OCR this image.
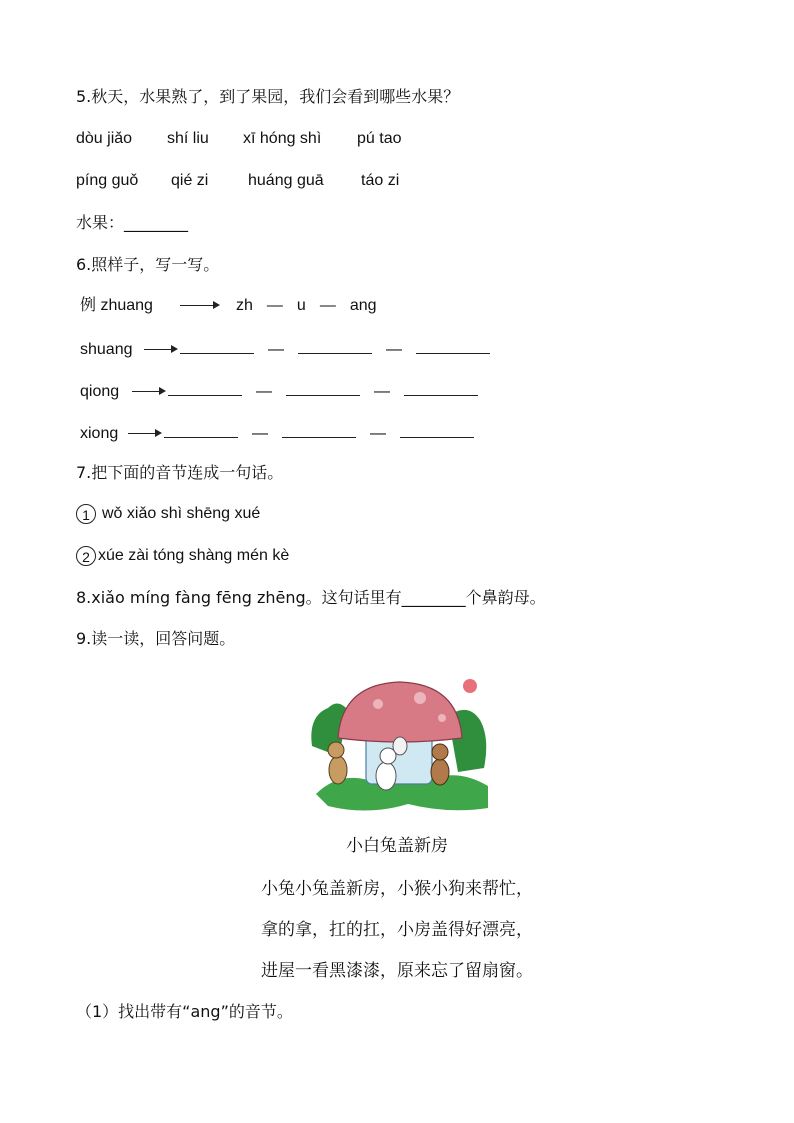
5.秋天，水果熟了，到了果园，我们会看到哪些水果？
dòu jiǎo shí liu xī hóng shì pú tao
píng guǒ qié zi huáng guā táo zi
水果：________
6.照样子，写一写。
例 zhuang	zh — u — ang
shuang	—	—
qiong	—	—
xiong	—	—
7.把下面的音节连成一句话。
1 wǒ xiǎo shì shēng xué
2 xúe zài tóng shàng mén kè
8.xiǎo míng fàng fēng zhēng。这句话里有________个鼻韵母。
9.读一读，回答问题。
小白兔盖新房
小兔小兔盖新房，小猴小狗来帮忙，
拿的拿，扛的扛，小房盖得好漂亮，
进屋一看黑漆漆，原来忘了留扇窗。
（1）找出带有“ang”的音节。
